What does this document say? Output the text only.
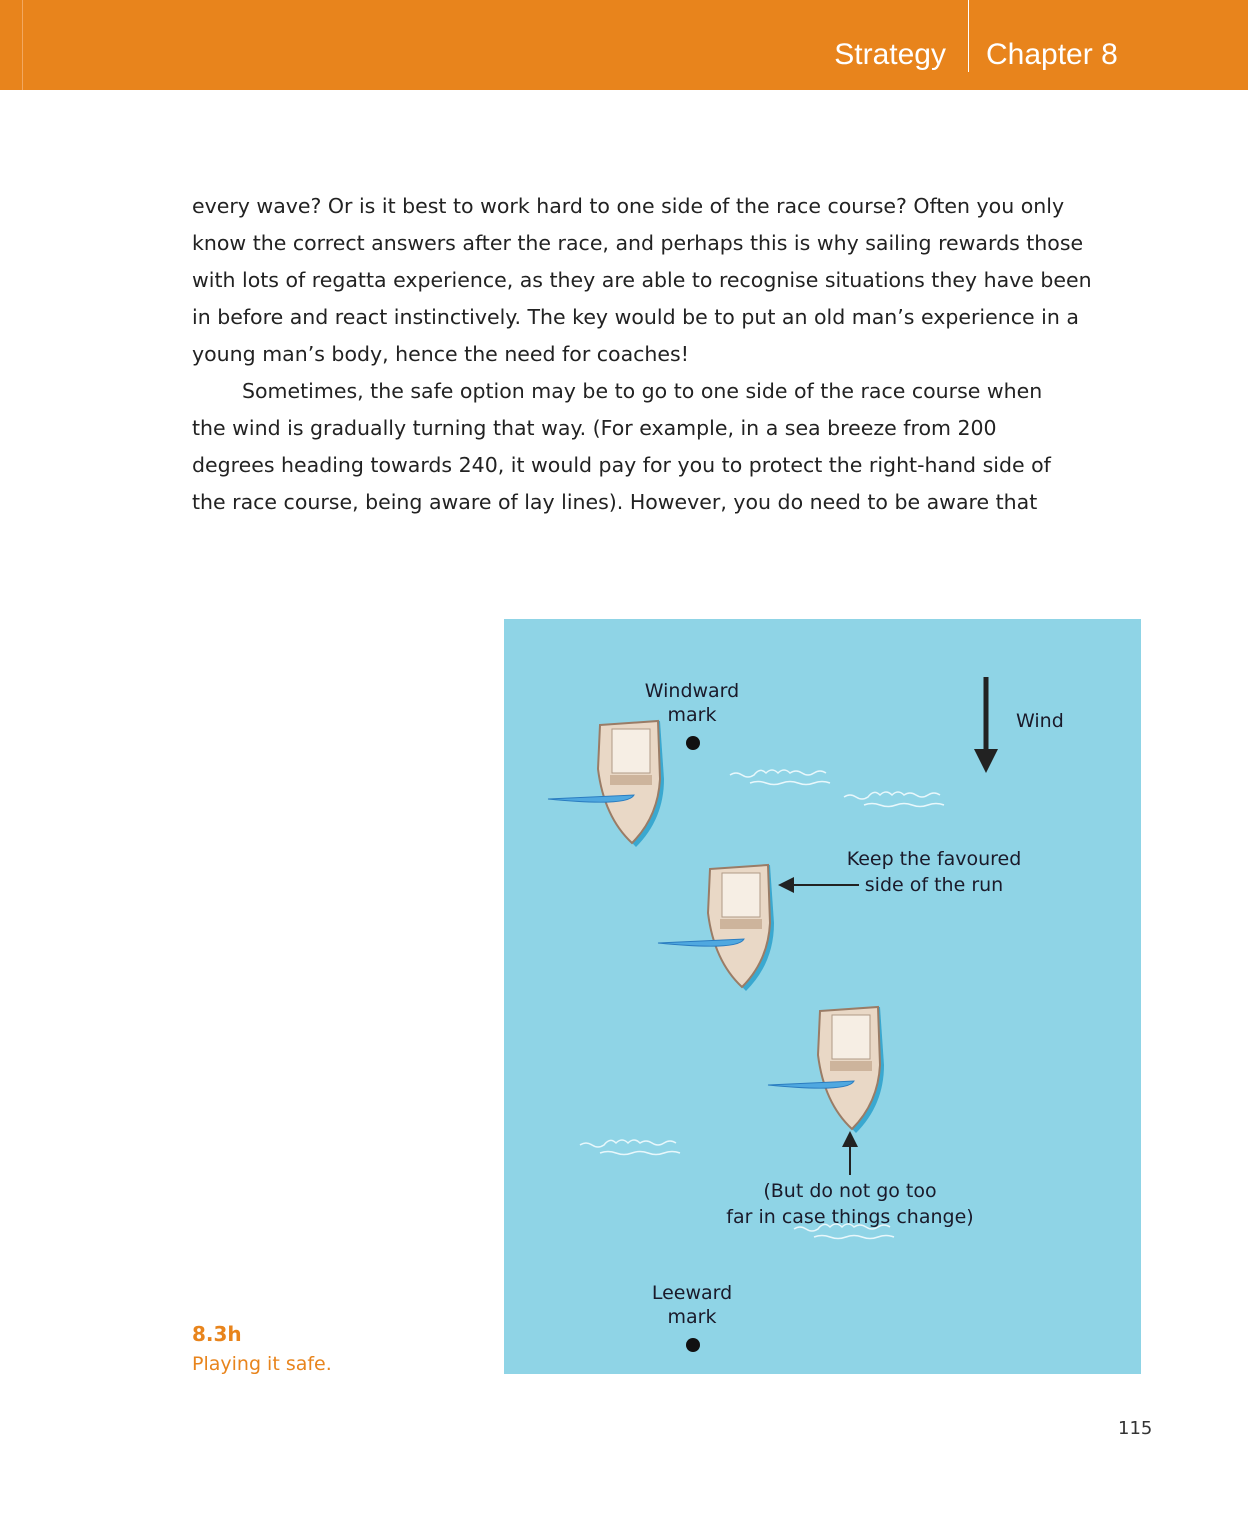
Strategy Chapter 8
every wave? Or is it best to work hard to one side of the race course? Often you only
know the correct answers after the race, and perhaps this is why sailing rewards those
with lots of regatta experience, as they are able to recognise situations they have been
in before and react instinctively. The key would be to put an old man’s experience in a
young man’s body, hence the need for coaches!
Sometimes, the safe option may be to go to one side of the race course when
the wind is gradually turning that way. (For example, in a sea breeze from 200
degrees heading towards 240, it would pay for you to protect the right-hand side of
the race course, being aware of lay lines). However, you do need to be aware that
Windward
mark	Wind
Keep the favoured
side of the run
(But do not go too
far in case things change)
Leeward
mark
8.3h
Playing it safe.
115
